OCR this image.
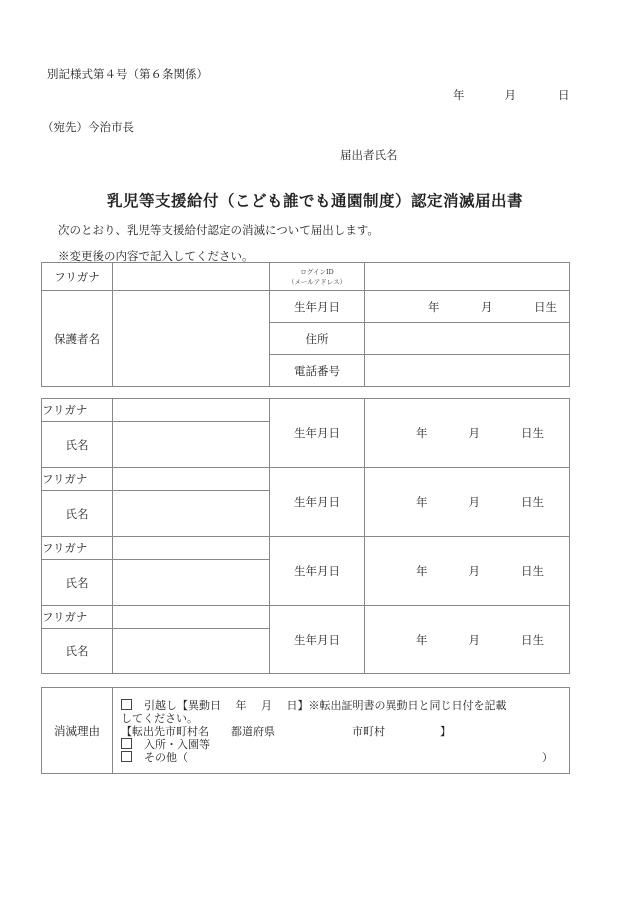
別記様式第４号（第６条関係）
年	月	日
（宛先）今治市長
届出者氏名
乳児等支援給付（こども誰でも通園制度）認定消滅届出書
次のとおり、乳児等支援給付認定の消滅について届出します。
※変更後の内容で記入してください。
フリガナ		ログインID
（メールアドレス）	

保護者名		生年月日	年 月 日生

		住所	
		電話番号	
フリガナ		生年月日	年 月 日生

氏名			
フリガナ		生年月日	年 月 日生

氏名			
フリガナ		生年月日	年 月 日生

氏名			
フリガナ		生年月日	年 月 日生

氏名			
消滅理由	
引越し【異動日　 年　 月　 日】※転出証明書の異動日と同じ日付を記載
してください。
【転出先市町村名　　都道府県　　　　　　　市町村　　　　　】
入所・入園等
その他（	）
